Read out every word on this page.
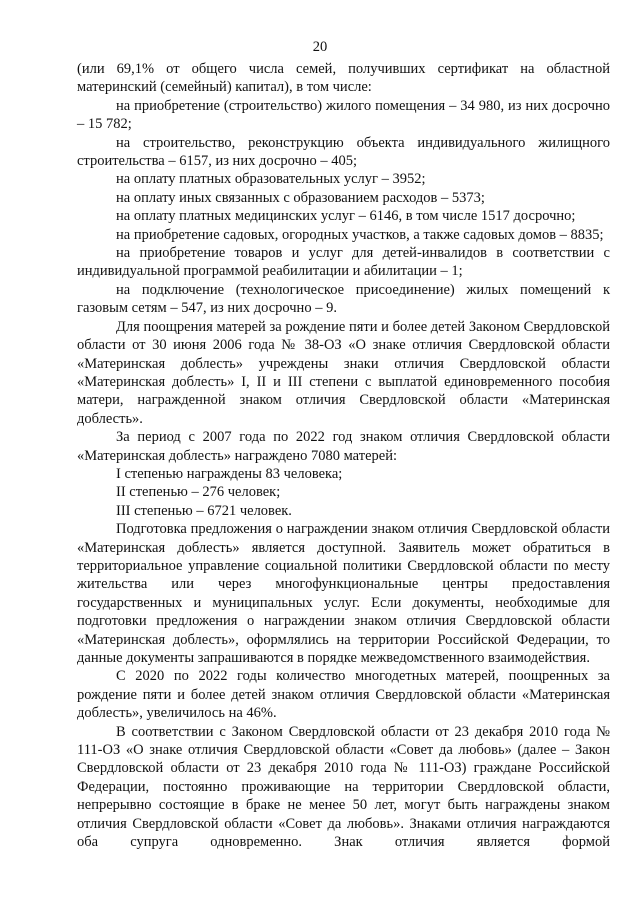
20

(или 69,1% от общего числа семей, получивших сертификат на областной материнский (семейный) капитал), в том числе:

на приобретение (строительство) жилого помещения – 34 980, из них досрочно – 15 782;

на строительство, реконструкцию объекта индивидуального жилищного строительства – 6157, из них досрочно – 405;

на оплату платных образовательных услуг – 3952;

на оплату иных связанных с образованием расходов – 5373;

на оплату платных медицинских услуг – 6146, в том числе 1517 досрочно;

на приобретение садовых, огородных участков, а также садовых домов – 8835;

на приобретение товаров и услуг для детей-инвалидов в соответствии с индивидуальной программой реабилитации и абилитации – 1;

на подключение (технологическое присоединение) жилых помещений к газовым сетям – 547, из них досрочно – 9.

Для поощрения матерей за рождение пяти и более детей Законом Свердловской области от 30 июня 2006 года № 38-ОЗ «О знаке отличия Свердловской области «Материнская доблесть» учреждены знаки отличия Свердловской области «Материнская доблесть» I, II и III степени с выплатой единовременного пособия матери, награжденной знаком отличия Свердловской области «Материнская доблесть».

За период с 2007 года по 2022 год знаком отличия Свердловской области «Материнская доблесть» награждено 7080 матерей:

I степенью награждены 83 человека;

II степенью – 276 человек;

III степенью – 6721 человек.

Подготовка предложения о награждении знаком отличия Свердловской области «Материнская доблесть» является доступной. Заявитель может обратиться в территориальное управление социальной политики Свердловской области по месту жительства или через многофункциональные центры предоставления государственных и муниципальных услуг. Если документы, необходимые для подготовки предложения о награждении знаком отличия Свердловской области «Материнская доблесть», оформлялись на территории Российской Федерации, то данные документы запрашиваются в порядке межведомственного взаимодействия.

С 2020 по 2022 годы количество многодетных матерей, поощренных за рождение пяти и более детей знаком отличия Свердловской области «Материнская доблесть», увеличилось на 46%.

В соответствии с Законом Свердловской области от 23 декабря 2010 года № 111-ОЗ «О знаке отличия Свердловской области «Совет да любовь» (далее – Закон Свердловской области от 23 декабря 2010 года № 111-ОЗ) граждане Российской Федерации, постоянно проживающие на территории Свердловской области, непрерывно состоящие в браке не менее 50 лет, могут быть награждены знаком отличия Свердловской области «Совет да любовь». Знаками отличия награждаются оба супруга одновременно. Знак отличия является формой
